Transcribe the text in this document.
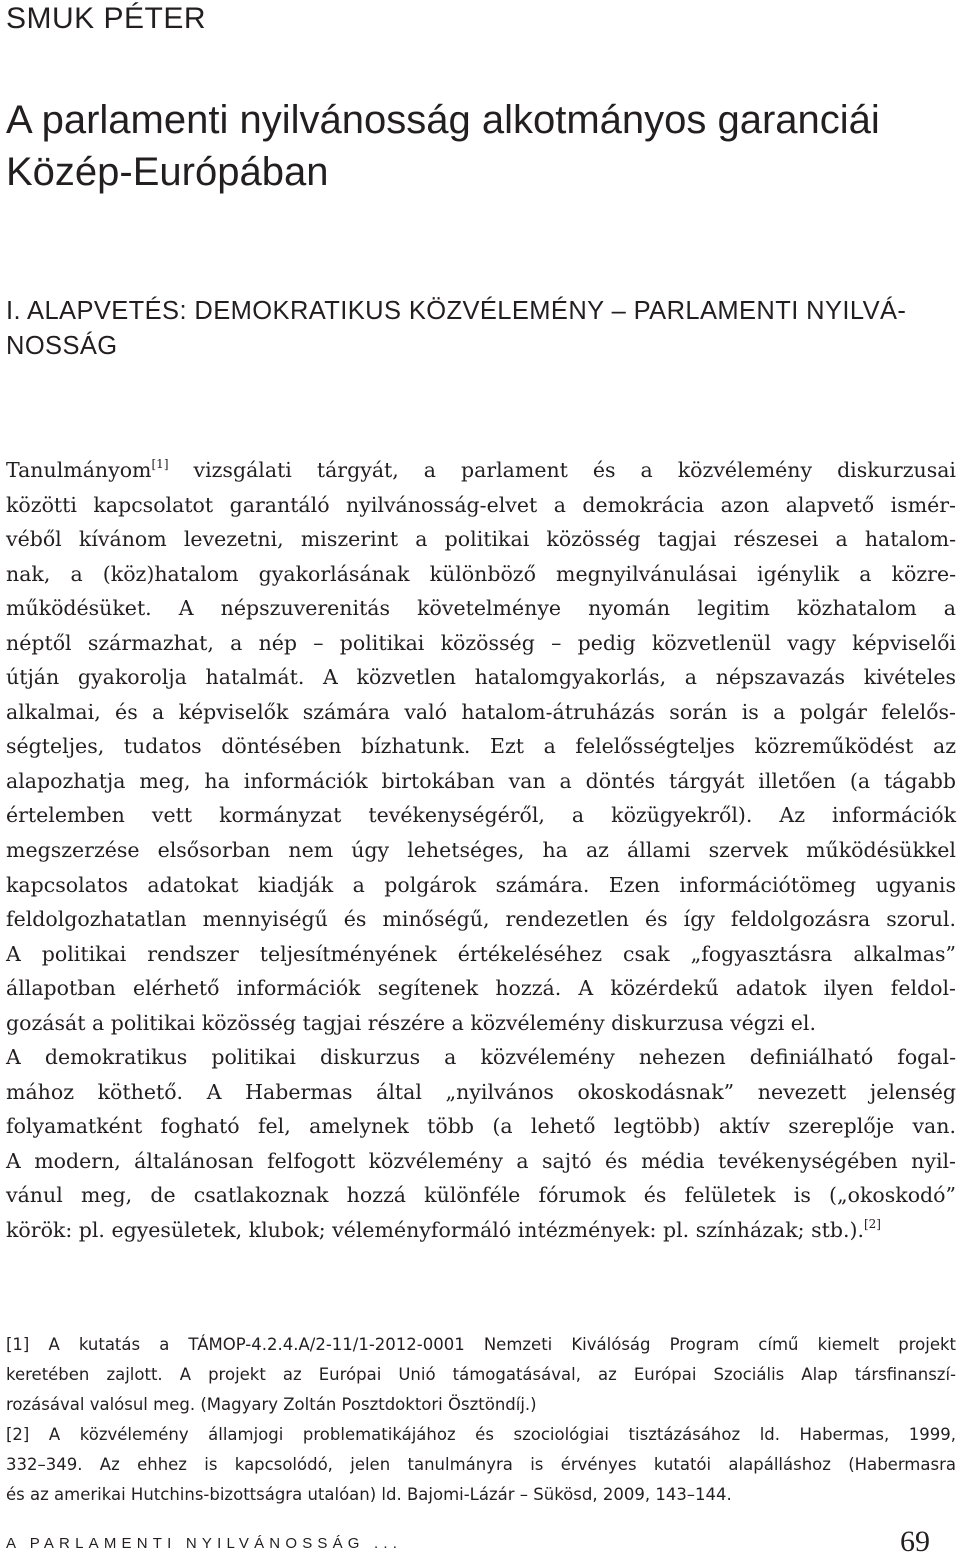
SMUK PÉTER
A parlamenti nyilvánosság alkotmányos garanciái
Közép-Európában
I. ALAPVETÉS: DEMOKRATIKUS KÖZVÉLEMÉNY – PARLAMENTI NYILVÁ-
NOSSÁG
Tanulmányom[1] vizsgálati tárgyát, a parlament és a közvélemény diskurzusai
közötti kapcsolatot garantáló nyilvánosság-elvet a demokrácia azon alapvető ismér-
véből kívánom levezetni, miszerint a politikai közösség tagjai részesei a hatalom-
nak, a (köz)hatalom gyakorlásának különböző megnyilvánulásai igénylik a közre-
működésüket. A népszuverenitás követelménye nyomán legitim közhatalom a
néptől származhat, a nép – politikai közösség – pedig közvetlenül vagy képviselői
útján gyakorolja hatalmát. A közvetlen hatalomgyakorlás, a népszavazás kivételes
alkalmai, és a képviselők számára való hatalom-átruházás során is a polgár felelős-
ségteljes, tudatos döntésében bízhatunk. Ezt a felelősségteljes közreműködést az
alapozhatja meg, ha információk birtokában van a döntés tárgyát illetően (a tágabb
értelemben vett kormányzat tevékenységéről, a közügyekről). Az információk
megszerzése elsősorban nem úgy lehetséges, ha az állami szervek működésükkel
kapcsolatos adatokat kiadják a polgárok számára. Ezen információtömeg ugyanis
feldolgozhatatlan mennyiségű és minőségű, rendezetlen és így feldolgozásra szorul.
A politikai rendszer teljesítményének értékeléséhez csak „fogyasztásra alkalmas”
állapotban elérhető információk segítenek hozzá. A közérdekű adatok ilyen feldol-
gozását a politikai közösség tagjai részére a közvélemény diskurzusa végzi el.
A demokratikus politikai diskurzus a közvélemény nehezen definiálható fogal-
mához köthető. A Habermas által „nyilvános okoskodásnak” nevezett jelenség
folyamatként fogható fel, amelynek több (a lehető legtöbb) aktív szereplője van.
A modern, általánosan felfogott közvélemény a sajtó és média tevékenységében nyil-
vánul meg, de csatlakoznak hozzá különféle fórumok és felületek is („okoskodó”
körök: pl. egyesületek, klubok; véleményformáló intézmények: pl. színházak; stb.).[2]
[1] A kutatás a TÁMOP-4.2.4.A/2-11/1-2012-0001 Nemzeti Kiválóság Program című kiemelt projekt
keretében zajlott. A projekt az Európai Unió támogatásával, az Európai Szociális Alap társfinanszí-
rozásával valósul meg. (Magyary Zoltán Posztdoktori Ösztöndíj.)
[2] A közvélemény államjogi problematikájához és szociológiai tisztázásához ld. Habermas, 1999,
332–349. Az ehhez is kapcsolódó, jelen tanulmányra is érvényes kutatói alapálláshoz (Habermasra
és az amerikai Hutchins-bizottságra utalóan) ld. Bajomi-Lázár – Sükösd, 2009, 143–144.
A PARLAMENTI NYILVÁNOSSÁG ...	69
